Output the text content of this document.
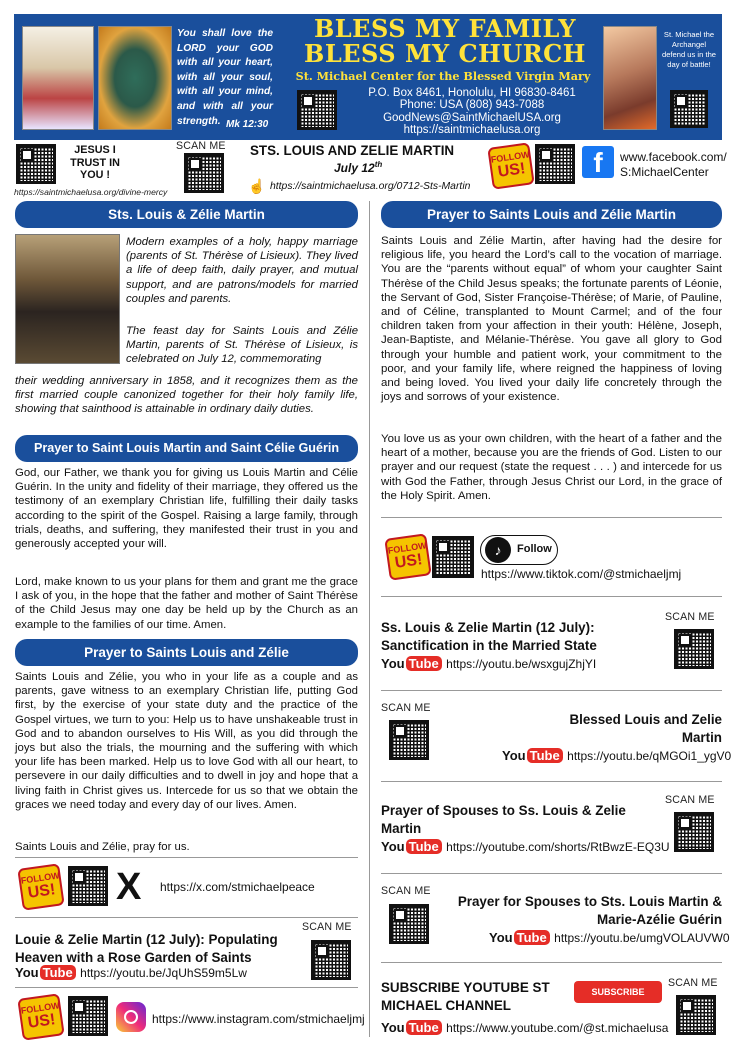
You shall love the LORD your GOD with all your heart, with all your soul, with all your mind, and with all your strength. Mk 12:30
BLESS MY FAMILY
BLESS MY CHURCH
St. Michael Center for the Blessed Virgin Mary
P.O. Box 8461, Honolulu, HI 96830-8461
Phone: USA (808) 943-7088
GoodNews@SaintMichaelUSA.org
https://saintmichaelusa.org
St. Michael the Archangel defend us in the day of battle!
JESUS I TRUST IN YOU !
https://saintmichaelusa.org/divine-mercy
SCAN ME STS. LOUIS AND ZELIE MARTIN
July 12th
☝ https://saintmichaelusa.org/0712-Sts-Martin
FOLLOW
US!	f	www.facebook.com/
S:MichaelCenter
Sts. Louis & Zélie Martin
Modern examples of a holy, happy marriage (parents of St. Thérèse of Lisieux). They lived a life of deep faith, daily prayer, and mutual support, and are patrons/models for married couples and parents.
The feast day for Saints Louis and Zélie Martin, parents of St. Thérèse of Lisieux, is celebrated on July 12, commemorating
their wedding anniversary in 1858, and it recognizes them as the first married couple canonized together for their holy family life, showing that sainthood is attainable in ordinary daily duties.
Prayer to Saint Louis Martin and Saint Célie Guérin
God, our Father, we thank you for giving us Louis Martin and Célie Guérin. In the unity and fidelity of their marriage, they offered us the testimony of an exemplary Christian life, fulfilling their daily tasks according to the spirit of the Gospel. Raising a large family, through trials, deaths, and suffering, they manifested their trust in you and generously accepted your will.
Lord, make known to us your plans for them and grant me the grace I ask of you, in the hope that the father and mother of Saint Thérèse of the Child Jesus may one day be held up by the Church as an example to the families of our time. Amen.
Prayer to Saints Louis and Zélie
Saints Louis and Zélie, you who in your life as a couple and as parents, gave witness to an exemplary Christian life, putting God first, by the exercise of your state duty and the practice of the Gospel virtues, we turn to you: Help us to have unshakeable trust in God and to abandon ourselves to His Will, as you did through the joys but also the trials, the mourning and the suffering with which your life has been marked. Help us to love God with all our heart, to persevere in our daily difficulties and to dwell in joy and hope that a living faith in Christ gives us. Intercede for us so that we obtain the graces we need today and every day of our lives. Amen.
Saints Louis and Zélie, pray for us.
FOLLOW
US! X https://x.com/stmichaelpeace
Louie & Zelie Martin (12 July): Populating Heaven with a Rose Garden of Saints
You Tube https://youtu.be/JqUhS59m5Lw
SCAN ME
FOLLOW
US!	https://www.instagram.com/stmichaeljmj
Prayer to Saints Louis and Zélie Martin
Saints Louis and Zélie Martin, after having had the desire for religious life, you heard the Lord’s call to the vocation of marriage. You are the “parents without equal” of whom your caughter Saint Thérèse of the Child Jesus speaks; the fortunate parents of Léonie, the Servant of God, Sister Françoise-Thérèse; of Marie, of Pauline, and of Céline, transplanted to Mount Carmel; and of the four children taken from your affection in their youth: Hélène, Joseph, Jean-Baptiste, and Mélanie-Thérèse. You gave all glory to God through your humble and patient work, your commitment to the poor, and your family life, where reigned the happiness of loving and being loved. You lived your daily life concretely through the joys and sorrows of your existence.
You love us as your own children, with the heart of a father and the heart of a mother, because you are the friends of God. Listen to our prayer and our request (state the request . . . ) and intercede for us with God the Father, through Jesus Christ our Lord, in the grace of the Holy Spirit. Amen.
FOLLOW
US!
Follow
♪
https://www.tiktok.com/@stmichaeljmj
Ss. Louis & Zelie Martin (12 July): Sanctification in the Married State
You Tube https://youtu.be/wsxgujZhjYI
SCAN ME
SCAN ME
Blessed Louis and Zelie Martin
You Tube https://youtu.be/qMGOi1_ygV0
Prayer of Spouses to Ss. Louis & Zelie Martin
You Tube https://youtube.com/shorts/RtBwzE-EQ3U
SCAN ME
SCAN ME
Prayer for Spouses to Sts. Louis Martin & Marie-Azélie Guérin
You Tube https://youtu.be/umgVOLAUVW0
SUBSCRIBE YOUTUBE ST MICHAEL CHANNEL
SUBSCRIBE
SCAN ME
You Tube https://www.youtube.com/@st.michaelusa
